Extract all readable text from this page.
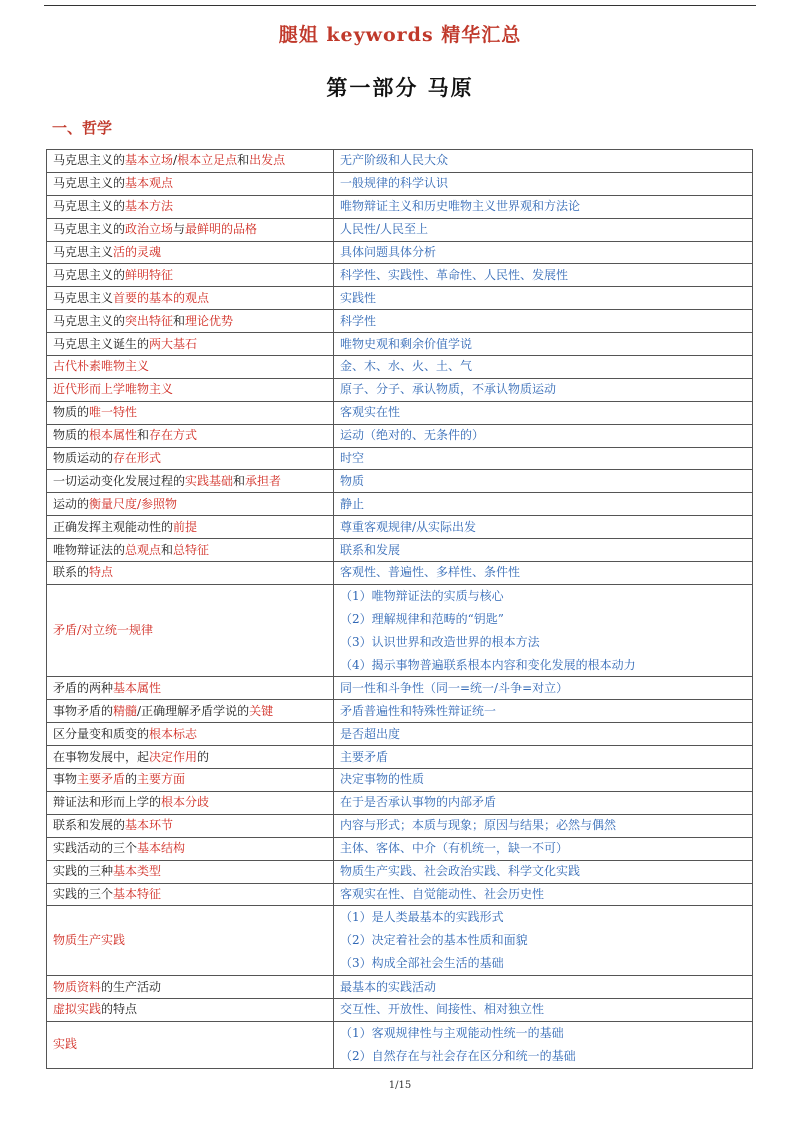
腿姐 keywords 精华汇总
第一部分 马原
一、哲学
马克思主义的基本立场/根本立足点和出发点	无产阶级和人民大众

马克思主义的基本观点	一般规律的科学认识

马克思主义的基本方法	唯物辩证主义和历史唯物主义世界观和方法论

马克思主义的政治立场与最鲜明的品格	人民性/人民至上

马克思主义活的灵魂	具体问题具体分析

马克思主义的鲜明特征	科学性、实践性、革命性、人民性、发展性

马克思主义首要的基本的观点	实践性

马克思主义的突出特征和理论优势	科学性

马克思主义诞生的两大基石	唯物史观和剩余价值学说

古代朴素唯物主义	金、木、水、火、土、气

近代形而上学唯物主义	原子、分子、承认物质，不承认物质运动

物质的唯一特性	客观实在性

物质的根本属性和存在方式	运动（绝对的、无条件的）

物质运动的存在形式	时空

一切运动变化发展过程的实践基础和承担者	物质

运动的衡量尺度/参照物	静止

正确发挥主观能动性的前提	尊重客观规律/从实际出发

唯物辩证法的总观点和总特征	联系和发展

联系的特点	客观性、普遍性、多样性、条件性

矛盾/对立统一规律	（1）唯物辩证法的实质与核心
（2）理解规律和范畴的“钥匙”
（3）认识世界和改造世界的根本方法
（4）揭示事物普遍联系根本内容和变化发展的根本动力

矛盾的两种基本属性	同一性和斗争性（同一=统一/斗争=对立）

事物矛盾的精髓/正确理解矛盾学说的关键	矛盾普遍性和特殊性辩证统一

区分量变和质变的根本标志	是否超出度

在事物发展中，起决定作用的	主要矛盾

事物主要矛盾的主要方面	决定事物的性质

辩证法和形而上学的根本分歧	在于是否承认事物的内部矛盾

联系和发展的基本环节	内容与形式；本质与现象；原因与结果；必然与偶然

实践活动的三个基本结构	主体、客体、中介（有机统一，缺一不可）

实践的三种基本类型	物质生产实践、社会政治实践、科学文化实践

实践的三个基本特征	客观实在性、自觉能动性、社会历史性

物质生产实践	（1）是人类最基本的实践形式
（2）决定着社会的基本性质和面貌
（3）构成全部社会生活的基础

物质资料的生产活动	最基本的实践活动

虚拟实践的特点	交互性、开放性、间接性、相对独立性

实践	（1）客观规律性与主观能动性统一的基础
（2）自然存在与社会存在区分和统一的基础
1/15
